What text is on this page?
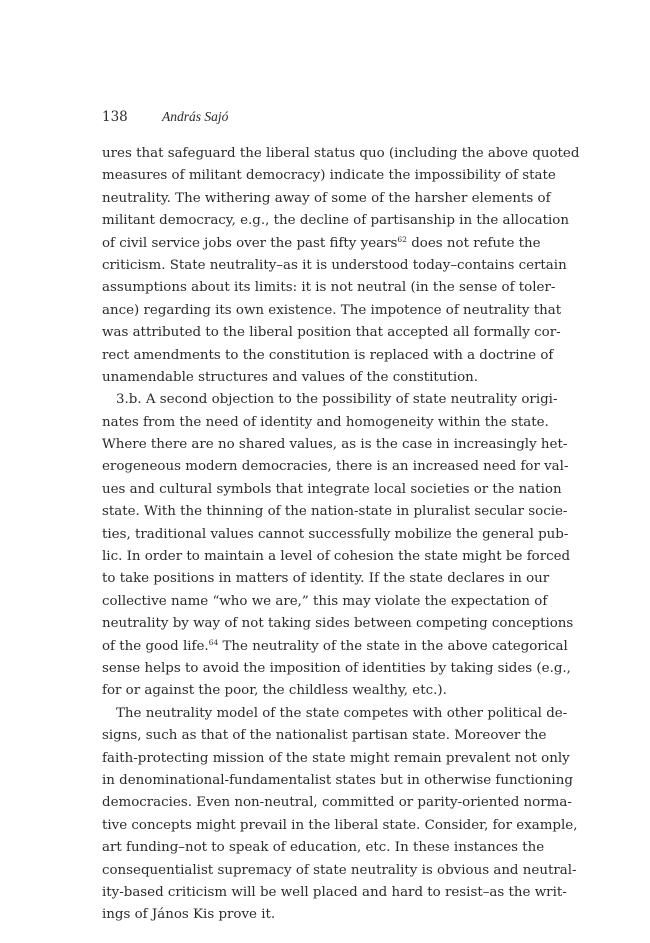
138	András Sajó
ures that safeguard the liberal status quo (including the above quoted
measures of militant democracy) indicate the impossibility of state
neutrality. The withering away of some of the harsher elements of
militant democracy, e.g., the decline of partisanship in the allocation
of civil service jobs over the past fifty years$^{62}$ does not refute the
criticism. State neutrality–as it is understood today–contains certain
assumptions about its limits: it is not neutral (in the sense of toler-
ance) regarding its own existence. The impotence of neutrality that
was attributed to the liberal position that accepted all formally cor-
rect amendments to the constitution is replaced with a doctrine of
unamendable structures and values of the constitution.
3.b. A second objection to the possibility of state neutrality origi-
nates from the need of identity and homogeneity within the state.
Where there are no shared values, as is the case in increasingly het-
erogeneous modern democracies, there is an increased need for val-
ues and cultural symbols that integrate local societies or the nation
state. With the thinning of the nation-state in pluralist secular socie-
ties, traditional values cannot successfully mobilize the general pub-
lic. In order to maintain a level of cohesion the state might be forced
to take positions in matters of identity. If the state declares in our
collective name “who we are,” this may violate the expectation of
neutrality by way of not taking sides between competing conceptions
of the good life.$^{64}$ The neutrality of the state in the above categorical
sense helps to avoid the imposition of identities by taking sides (e.g.,
for or against the poor, the childless wealthy, etc.).
The neutrality model of the state competes with other political de-
signs, such as that of the nationalist partisan state. Moreover the
faith-protecting mission of the state might remain prevalent not only
in denominational-fundamentalist states but in otherwise functioning
democracies. Even non-neutral, committed or parity-oriented norma-
tive concepts might prevail in the liberal state. Consider, for example,
art funding–not to speak of education, etc. In these instances the
consequentialist supremacy of state neutrality is obvious and neutral-
ity-based criticism will be well placed and hard to resist–as the writ-
ings of János Kis prove it.
